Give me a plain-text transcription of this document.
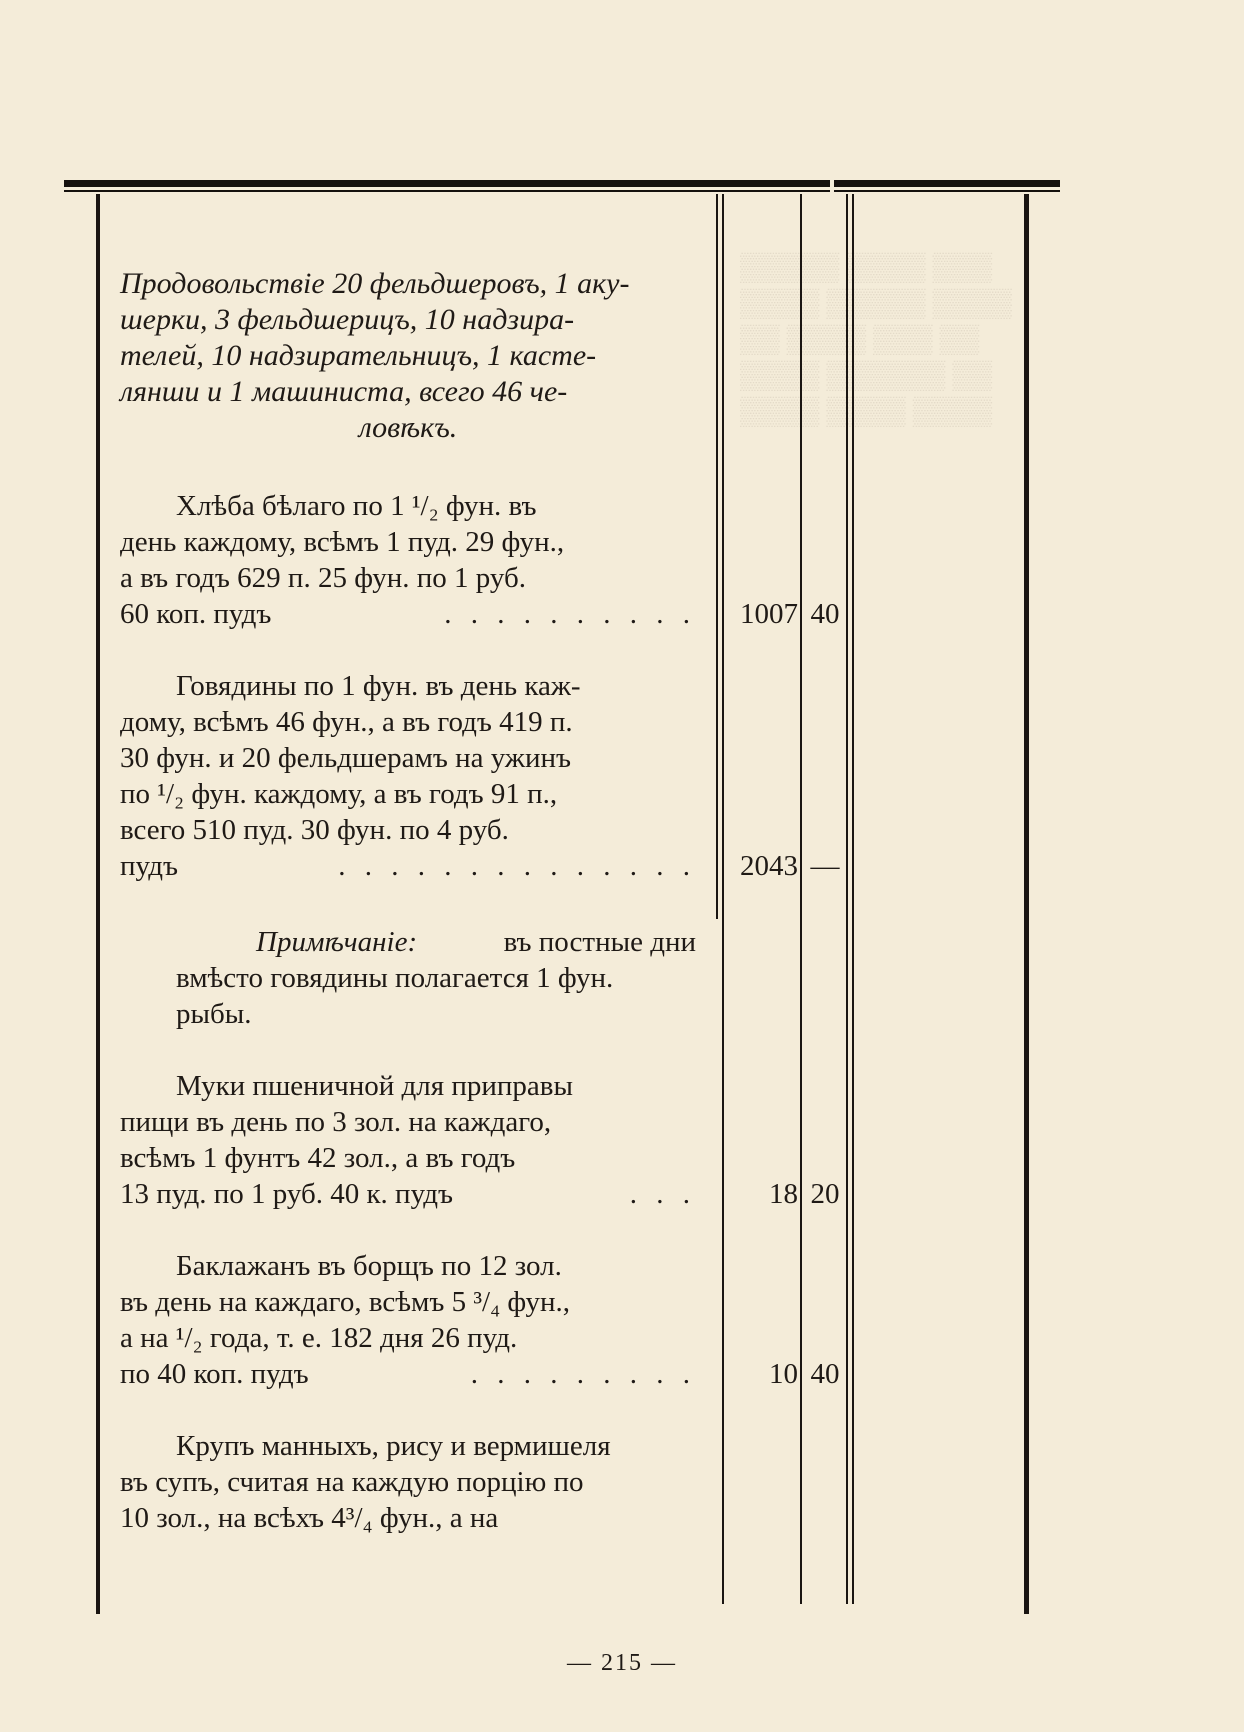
▒▒▒▒▒ ▒▒▒▒ ▒▒▒
▒▒▒▒ ▒▒▒▒▒ ▒▒▒▒
▒▒ ▒▒▒▒ ▒▒▒ ▒▒
▒▒▒▒ ▒▒▒▒▒▒ ▒▒
▒▒▒▒ ▒▒▒▒ ▒▒▒▒
Продовольствіе 20 фельдшеровъ, 1 аку-
шерки, 3 фельдшерицъ, 10 надзира-
телей, 10 надзирательницъ, 1 касте-
лянши и 1 машиниста, всего 46 че-
ловѣкъ.
Хлѣба бѣлаго по 1 ¹/₂ фун. въ
день каждому, всѣмъ 1 пуд. 29 фун.,
а въ годъ 629 п. 25 фун. по 1 руб.
60 коп. пудъ	. . . . . . . . . .	1007 40
Говядины по 1 фун. въ день каж-
дому, всѣмъ 46 фун., а въ годъ 419 п.
30 фун. и 20 фельдшерамъ на ужинъ
по ¹/₂ фун. каждому, а въ годъ 91 п.,
всего 510 пуд. 30 фун. по 4 руб.
пудъ	. . . . . . . . . . . . . .	2043 —
Примѣчаніе:	въ постные дни
вмѣсто говядины полагается 1 фун.
рыбы.
Муки пшеничной для приправы
пищи въ день по 3 зол. на каждаго,
всѣмъ 1 фунтъ 42 зол., а въ годъ
13 пуд. по 1 руб. 40 к. пудъ	. . .	18 20
Баклажанъ въ борщъ по 12 зол.
въ день на каждаго, всѣмъ 5 ³/₄ фун.,
а на ¹/₂ года, т. е. 182 дня 26 пуд.
по 40 коп. пудъ	. . . . . . . . .	10 40
Крупъ манныхъ, рису и вермишеля
въ супъ, считая на каждую порцію по
10 зол., на всѣхъ 4³/₄ фун., а на
— 215 —
